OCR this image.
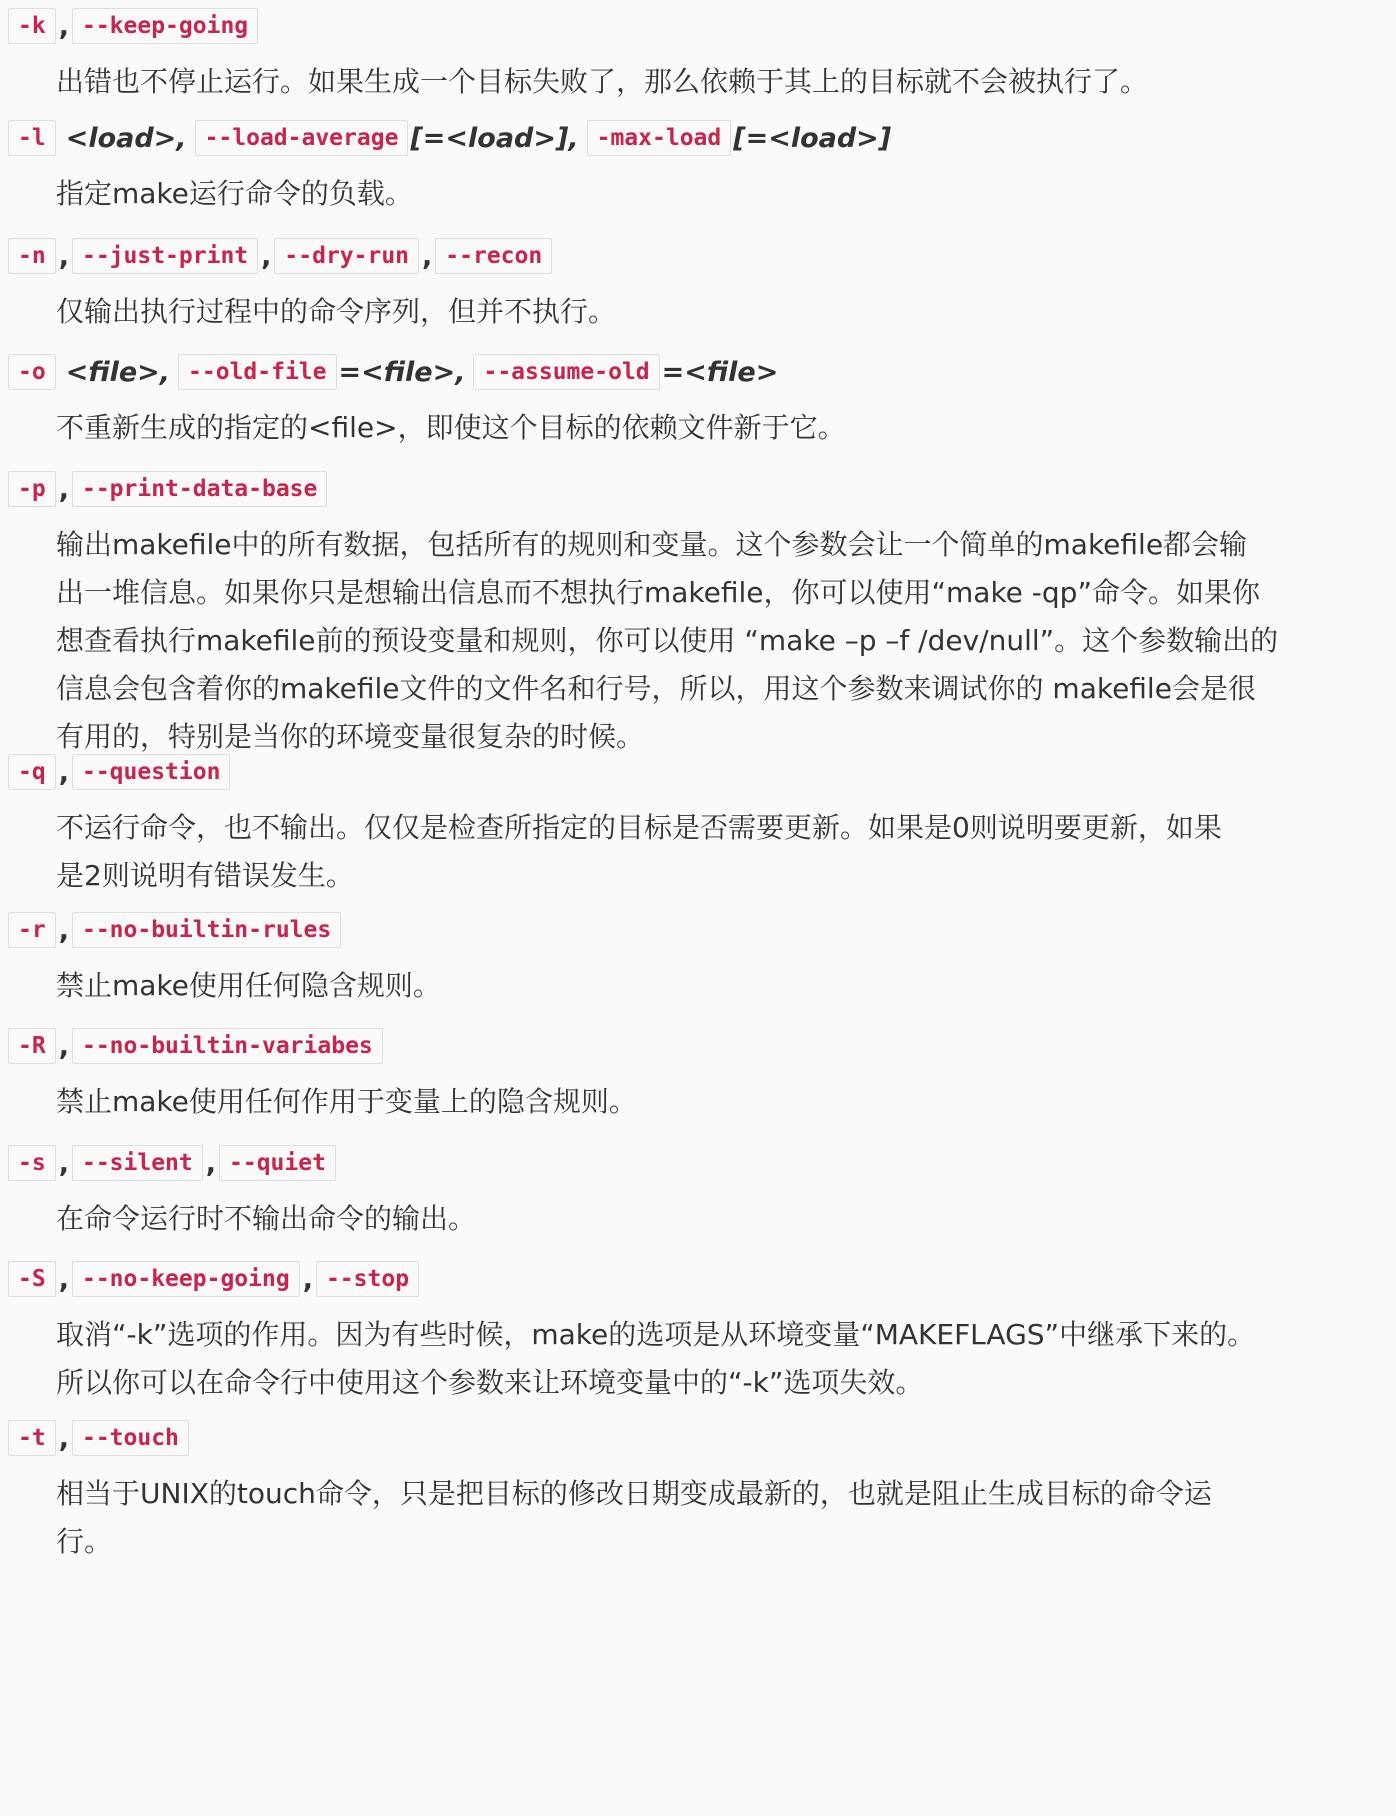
-k , --keep-going

出错也不停止运行。如果生成一个目标失败了，那么依赖于其上的目标就不会被执行了。

-l <load>, --load-average [=<load>], -max-load [=<load>]

指定make运行命令的负载。

-n , --just-print , --dry-run , --recon

仅输出执行过程中的命令序列，但并不执行。

-o <file>, --old-file =<file>, --assume-old =<file>

不重新生成的指定的<file>，即使这个目标的依赖文件新于它。

-p , --print-data-base

输出makefile中的所有数据，包括所有的规则和变量。这个参数会让一个简单的makefile都会输
出一堆信息。如果你只是想输出信息而不想执行makefile，你可以使用“make -qp”命令。如果你
想查看执行makefile前的预设变量和规则，你可以使用 “make –p –f /dev/null”。这个参数输出的
信息会包含着你的makefile文件的文件名和行号，所以，用这个参数来调试你的 makefile会是很
有用的，特别是当你的环境变量很复杂的时候。

-q , --question

不运行命令，也不输出。仅仅是检查所指定的目标是否需要更新。如果是0则说明要更新，如果
是2则说明有错误发生。

-r , --no-builtin-rules

禁止make使用任何隐含规则。

-R , --no-builtin-variabes

禁止make使用任何作用于变量上的隐含规则。

-s , --silent , --quiet

在命令运行时不输出命令的输出。

-S , --no-keep-going , --stop

取消“-k”选项的作用。因为有些时候，make的选项是从环境变量“MAKEFLAGS”中继承下来的。
所以你可以在命令行中使用这个参数来让环境变量中的“-k”选项失效。

-t , --touch

相当于UNIX的touch命令，只是把目标的修改日期变成最新的，也就是阻止生成目标的命令运
行。
